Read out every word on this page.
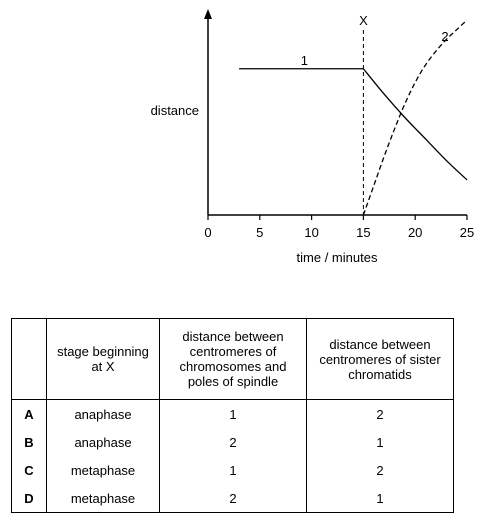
0	5	10	15	20	25
X
1
2
distance
time / minutes
	stage beginning at X	distance between centromeres of chromosomes and poles of spindle	distance between centromeres of sister chromatids
A	anaphase	1	2
B	anaphase	2	1
C	metaphase	1	2
D	metaphase	2	1
